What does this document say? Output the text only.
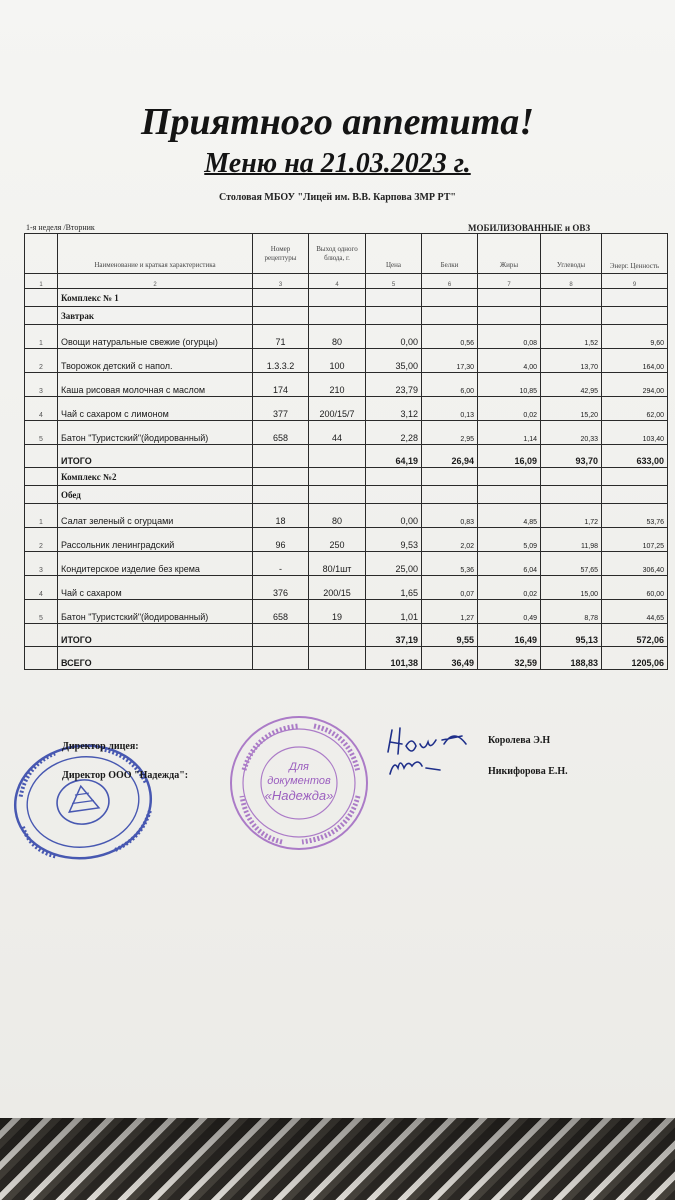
Приятного аппетита!
Меню на 21.03.2023 г.
Столовая МБОУ "Лицей им. В.В. Карпова ЗМР РТ"
1-я неделя /Вторник	МОБИЛИЗОВАННЫЕ и ОВЗ
	Наименование и краткая характеристика	Номер рецептуры	Выход одного блюда, г.	Цена	Белки	Жиры	Углеводы	Энерг. Ценность
1	2	3	4	5	6	7	8	9
	Комплекс № 1							
	Завтрак							
1	Овощи натуральные свежие (огурцы)	71	80	0,00	0,56	0,08	1,52	9,60
2	Творожок детский с напол.	1.3.3.2	100	35,00	17,30	4,00	13,70	164,00
3	Каша рисовая молочная с маслом	174	210	23,79	6,00	10,85	42,95	294,00
4	Чай с сахаром с лимоном	377	200/15/7	3,12	0,13	0,02	15,20	62,00
5	Батон "Туристский"(йодированный)	658	44	2,28	2,95	1,14	20,33	103,40
	ИТОГО			64,19	26,94	16,09	93,70	633,00
	Комплекс №2							
	Обед							
1	Салат зеленый с огурцами	18	80	0,00	0,83	4,85	1,72	53,76
2	Рассольник ленинградский	96	250	9,53	2,02	5,09	11,98	107,25
3	Кондитерское изделие без крема	-	80/1шт	25,00	5,36	6,04	57,65	306,40
4	Чай с сахаром	376	200/15	1,65	0,07	0,02	15,00	60,00
5	Батон "Туристский"(йодированный)	658	19	1,01	1,27	0,49	8,78	44,65
	ИТОГО			37,19	9,55	16,49	95,13	572,06
	ВСЕГО			101,38	36,49	32,59	188,83	1205,06
Для
документов
«Надежда»
Директор лицея:
Директор ООО "Надежда":
Королева Э.Н
Никифорова Е.Н.
